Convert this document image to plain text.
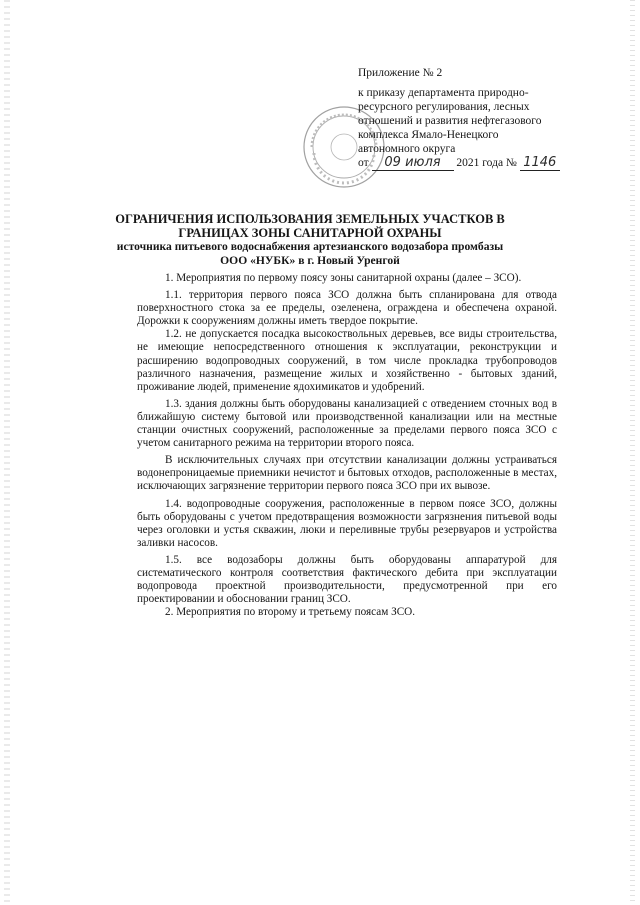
Приложение № 2
к приказу департамента природно-
ресурсного регулирования, лесных
отношений и развития нефтегазового
комплекса Ямало-Ненецкого
автономного округа
от 09 июля 2021 года № 1146
ОГРАНИЧЕНИЯ ИСПОЛЬЗОВАНИЯ ЗЕМЕЛЬНЫХ УЧАСТКОВ В
ГРАНИЦАХ ЗОНЫ САНИТАРНОЙ ОХРАНЫ
источника питьевого водоснабжения артезианского водозабора промбазы
ООО «НУБК» в г. Новый Уренгой

1. Мероприятия по первому поясу зоны санитарной охраны (далее – ЗСО).

1.1. территория первого пояса ЗСО должна быть спланирована для отвода поверхностного стока за ее пределы, озеленена, ограждена и обеспечена охраной. Дорожки к сооружениям должны иметь твердое покрытие.

1.2. не допускается посадка высокоствольных деревьев, все виды строительства, не имеющие непосредственного отношения к эксплуатации, реконструкции и расширению водопроводных сооружений, в том числе прокладка трубопроводов различного назначения, размещение жилых и хозяйственно - бытовых зданий, проживание людей, применение ядохимикатов и удобрений.

1.3. здания должны быть оборудованы канализацией с отведением сточных вод в ближайшую систему бытовой или производственной канализации или на местные станции очистных сооружений, расположенные за пределами первого пояса ЗСО с учетом санитарного режима на территории второго пояса.

В исключительных случаях при отсутствии канализации должны устраиваться водонепроницаемые приемники нечистот и бытовых отходов, расположенные в местах, исключающих загрязнение территории первого пояса ЗСО при их вывозе.

1.4. водопроводные сооружения, расположенные в первом поясе ЗСО, должны быть оборудованы с учетом предотвращения возможности загрязнения питьевой воды через оголовки и устья скважин, люки и переливные трубы резервуаров и устройства заливки насосов.

1.5. все водозаборы должны быть оборудованы аппаратурой для систематического контроля соответствия фактического дебита при эксплуатации водопровода проектной производительности, предусмотренной при его проектировании и обосновании границ ЗСО.

2. Мероприятия по второму и третьему поясам ЗСО.
